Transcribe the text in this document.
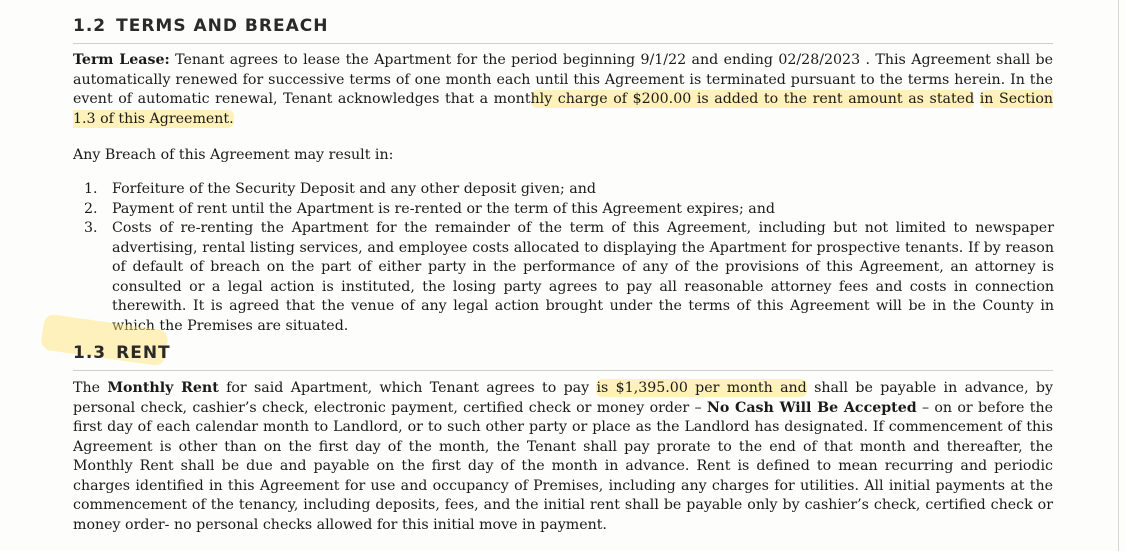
1.2 TERMS AND BREACH

Term Lease: Tenant agrees to lease the Apartment for the period beginning 9/1/22 and ending 02/28/2023 . This Agreement shall be automatically renewed for successive terms of one month each until this Agreement is terminated pursuant to the terms herein. In the event of automatic renewal, Tenant acknowledges that a monthly charge of $200.00 is added to the rent amount as stated in Section 1.3 of this Agreement.

Any Breach of this Agreement may result in:

1. Forfeiture of the Security Deposit and any other deposit given; and
2. Payment of rent until the Apartment is re-rented or the term of this Agreement expires; and
3. Costs of re-renting the Apartment for the remainder of the term of this Agreement, including but not limited to newspaper advertising, rental listing services, and employee costs allocated to displaying the Apartment for prospective tenants. If by reason of default of breach on the part of either party in the performance of any of the provisions of this Agreement, an attorney is consulted or a legal action is instituted, the losing party agrees to pay all reasonable attorney fees and costs in connection therewith. It is agreed that the venue of any legal action brought under the terms of this Agreement will be in the County in which the Premises are situated.
1.3 RENT

The Monthly Rent for said Apartment, which Tenant agrees to pay is $1,395.00 per month and shall be payable in advance, by personal check, cashier’s check, electronic payment, certified check or money order – No Cash Will Be Accepted – on or before the first day of each calendar month to Landlord, or to such other party or place as the Landlord has designated. If commencement of this Agreement is other than on the first day of the month, the Tenant shall pay prorate to the end of that month and thereafter, the Monthly Rent shall be due and payable on the first day of the month in advance. Rent is defined to mean recurring and periodic charges identified in this Agreement for use and occupancy of Premises, including any charges for utilities. All initial payments at the commencement of the tenancy, including deposits, fees, and the initial rent shall be payable only by cashier’s check, certified check or money order- no personal checks allowed for this initial move in payment.
